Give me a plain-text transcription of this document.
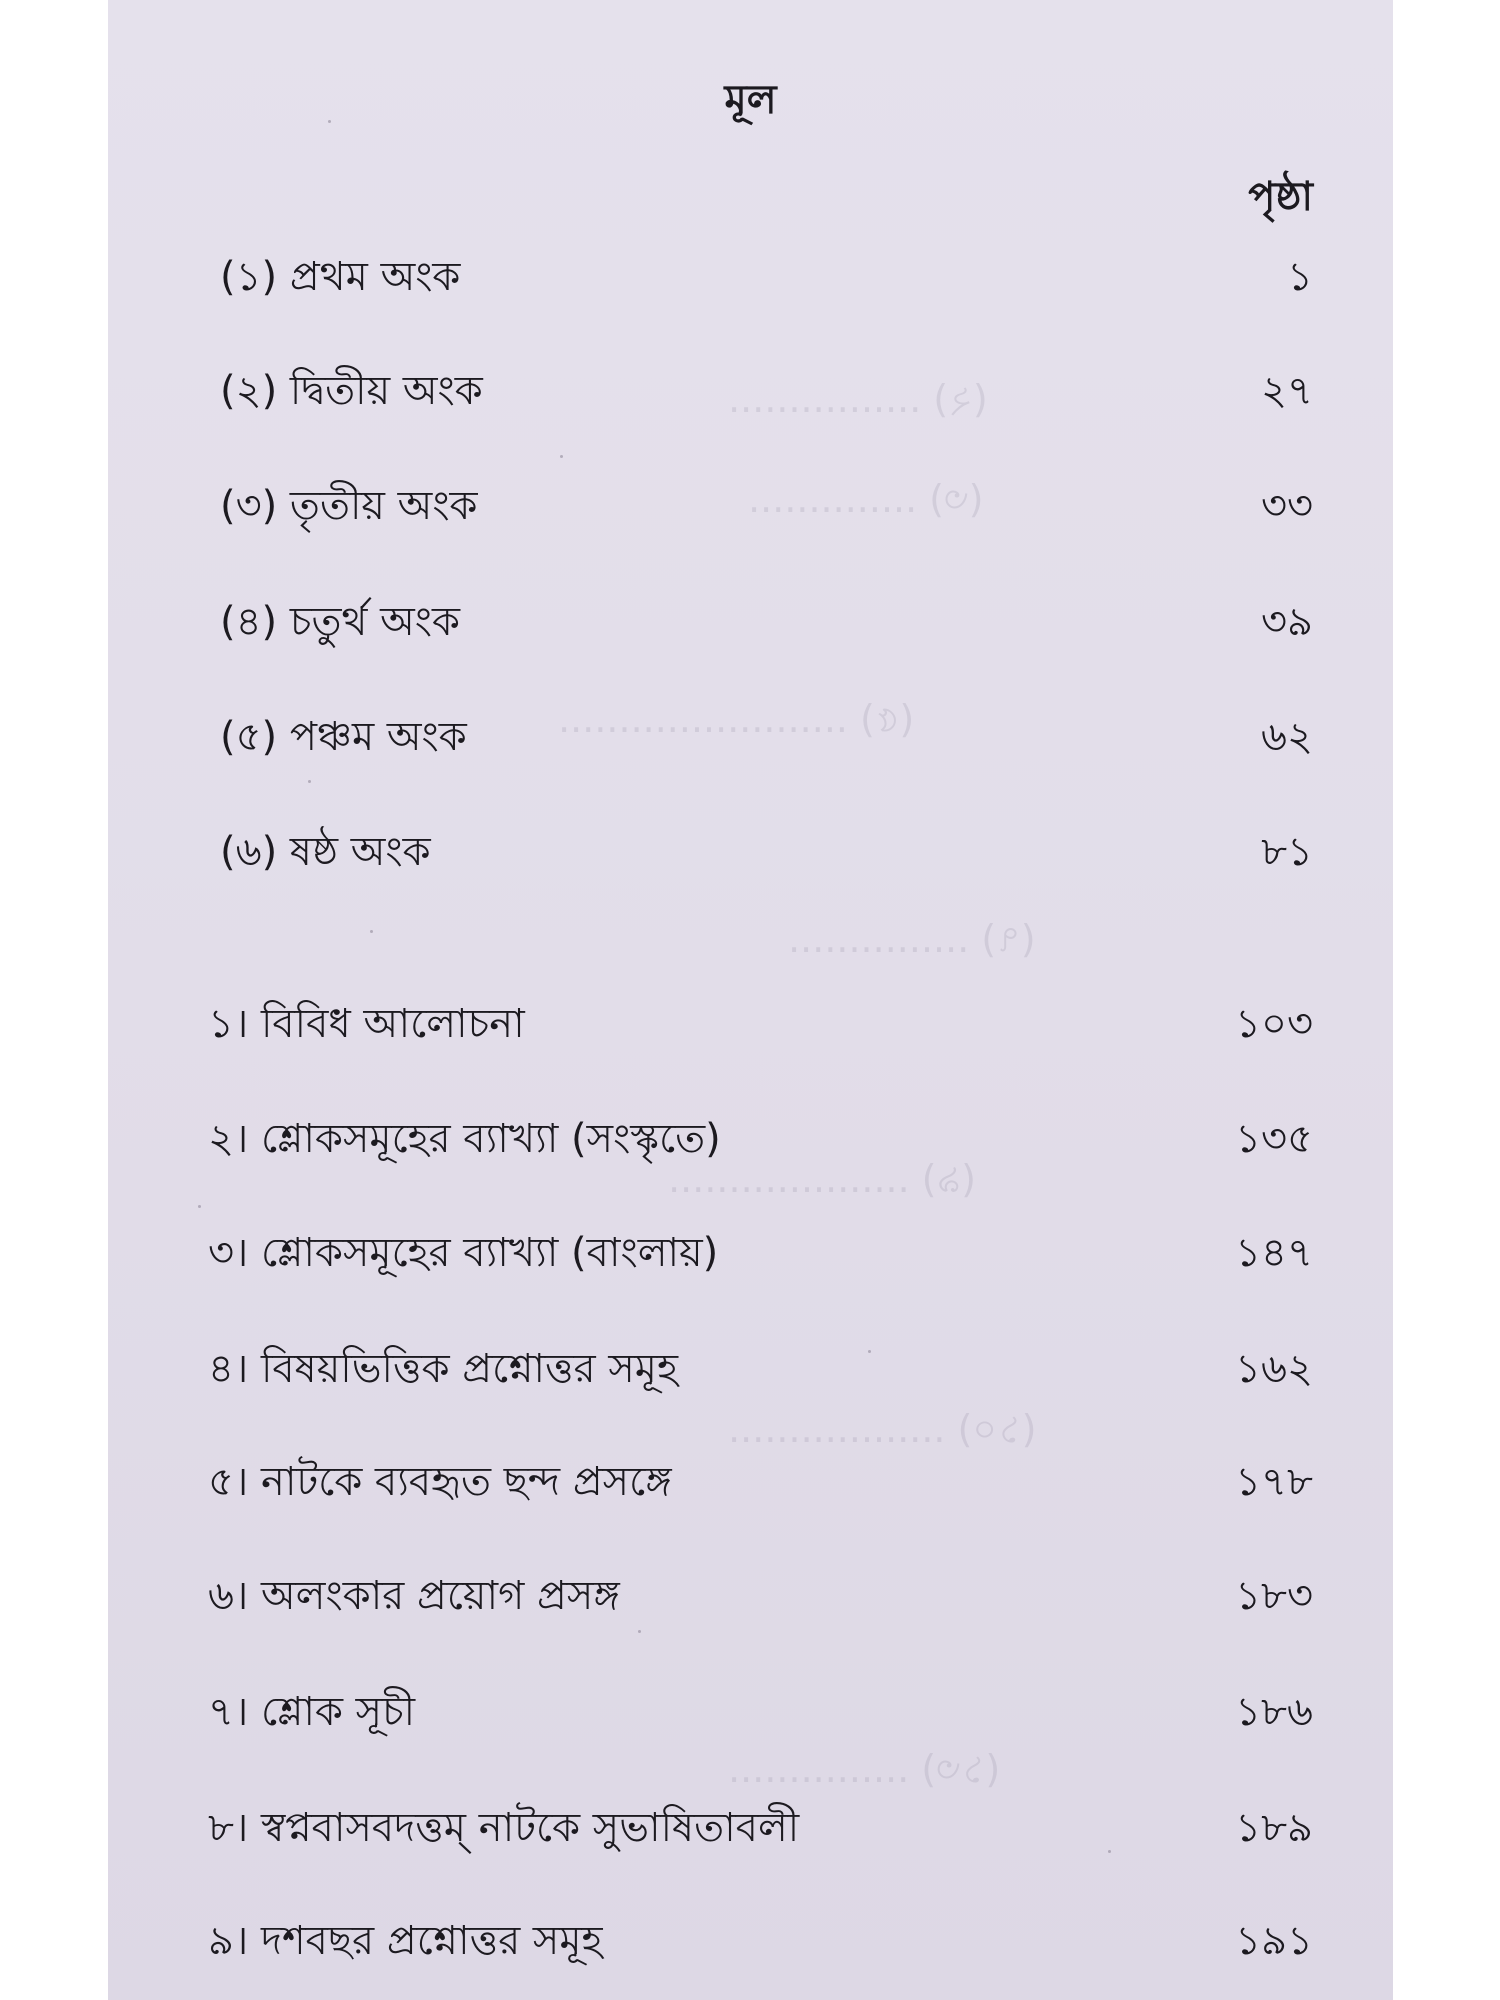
(২) ................
(৩) ..............
(৫) ........................
(৭) ...............
(৯) ....................
(১০) ..................
(১৩) ...............
মূল
পৃষ্ঠা
(১) প্রথম অংক	১
(২) দ্বিতীয় অংক	২৭
(৩) তৃতীয় অংক	৩৩
(৪) চতুর্থ অংক	৩৯
(৫) পঞ্চম অংক	৬২
(৬) ষষ্ঠ অংক	৮১
১। বিবিধ আলোচনা	১০৩
২। শ্লোকসমূহের ব্যাখ্যা (সংস্কৃতে)	১৩৫
৩। শ্লোকসমূহের ব্যাখ্যা (বাংলায়)	১৪৭
৪। বিষয়ভিত্তিক প্রশ্নোত্তর সমূহ	১৬২
৫। নাটকে ব্যবহৃত ছন্দ প্রসঙ্গে	১৭৮
৬। অলংকার প্রয়োগ প্রসঙ্গ	১৮৩
৭। শ্লোক সূচী	১৮৬
৮। স্বপ্নবাসবদত্তম্ নাটকে সুভাষিতাবলী	১৮৯
৯। দশবছর প্রশ্নোত্তর সমূহ	১৯১
